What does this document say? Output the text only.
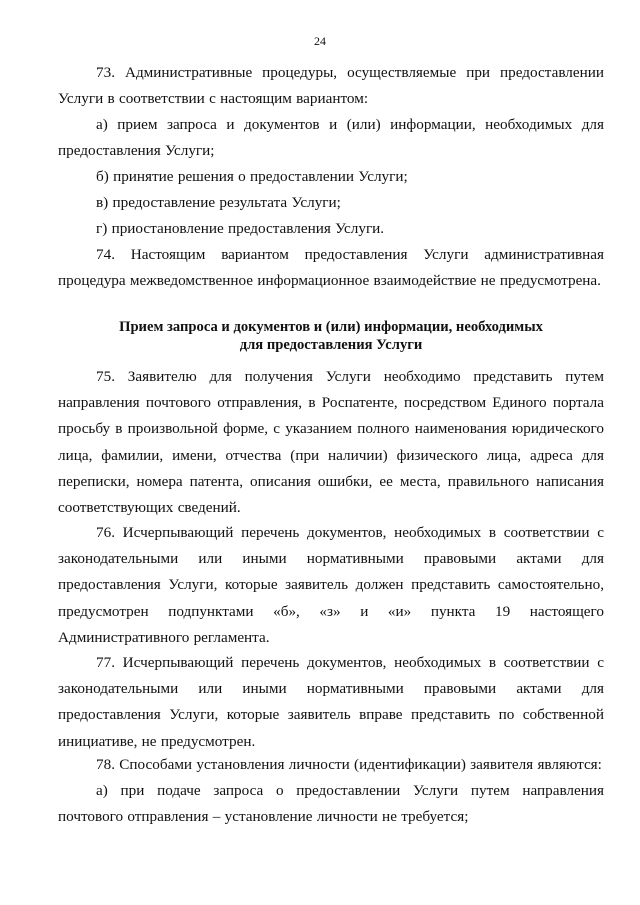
24

73. Административные процедуры, осуществляемые при предоставлении Услуги в соответствии с настоящим вариантом:

а) прием запроса и документов и (или) информации, необходимых для предоставления Услуги;

б) принятие решения о предоставлении Услуги;

в) предоставление результата Услуги;

г) приостановление предоставления Услуги.

74. Настоящим вариантом предоставления Услуги административная процедура межведомственное информационное взаимодействие не предусмотрена.

Прием запроса и документов и (или) информации, необходимых
для предоставления Услуги

75. Заявителю для получения Услуги необходимо представить путем направления почтового отправления, в Роспатенте, посредством Единого портала просьбу в произвольной форме, с указанием полного наименования юридического лица, фамилии, имени, отчества (при наличии) физического лица, адреса для переписки, номера патента, описания ошибки, ее места, правильного написания соответствующих сведений.

76. Исчерпывающий перечень документов, необходимых в соответствии с законодательными или иными нормативными правовыми актами для предоставления Услуги, которые заявитель должен представить самостоятельно, предусмотрен подпунктами «б», «з» и «и» пункта 19 настоящего Административного регламента.

77. Исчерпывающий перечень документов, необходимых в соответствии с законодательными или иными нормативными правовыми актами для предоставления Услуги, которые заявитель вправе представить по собственной инициативе, не предусмотрен.

78. Способами установления личности (идентификации) заявителя являются:

а) при подаче запроса о предоставлении Услуги путем направления почтового отправления – установление личности не требуется;
